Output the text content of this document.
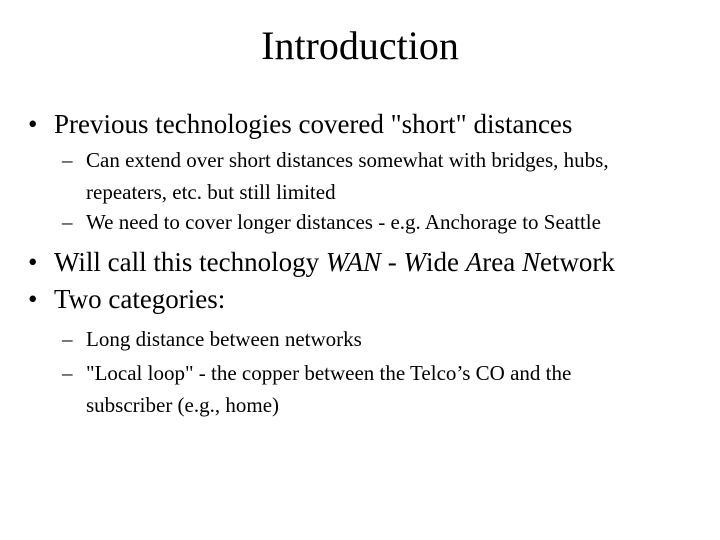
Introduction
• Previous technologies covered "short" distances
– Can extend over short distances somewhat with bridges, hubs,
repeaters, etc. but still limited
– We need to cover longer distances - e.g. Anchorage to Seattle
• Will call this technology WAN - Wide Area Network
• Two categories:
– Long distance between networks
– "Local loop" - the copper between the Telco’s CO and the
subscriber (e.g., home)
